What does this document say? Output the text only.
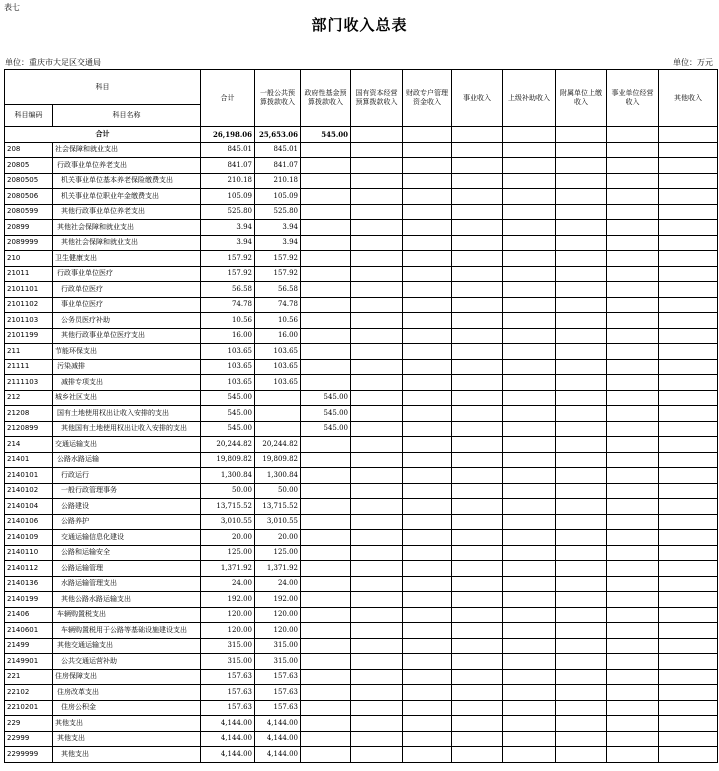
表七
部门收入总表
单位：重庆市大足区交通局	单位：万元
科目		合计	一般公共预算拨款收入	政府性基金预算拨款收入	国有资本经营预算拨款收入	财政专户管理资金收入	事业收入	上级补助收入	附属单位上缴收入	事业单位经营收入	其他收入
科目编码	科目名称										
合计		26,198.06	25,653.06	545.00							
208	社会保障和就业支出	845.01	845.01								
20805	行政事业单位养老支出	841.07	841.07								
2080505	机关事业单位基本养老保险缴费支出	210.18	210.18								
2080506	机关事业单位职业年金缴费支出	105.09	105.09								
2080599	其他行政事业单位养老支出	525.80	525.80								
20899	其他社会保障和就业支出	3.94	3.94								
2089999	其他社会保障和就业支出	3.94	3.94								
210	卫生健康支出	157.92	157.92								
21011	行政事业单位医疗	157.92	157.92								
2101101	行政单位医疗	56.58	56.58								
2101102	事业单位医疗	74.78	74.78								
2101103	公务员医疗补助	10.56	10.56								
2101199	其他行政事业单位医疗支出	16.00	16.00								
211	节能环保支出	103.65	103.65								
21111	污染减排	103.65	103.65								
2111103	减排专项支出	103.65	103.65								
212	城乡社区支出	545.00		545.00							
21208	国有土地使用权出让收入安排的支出	545.00		545.00							
2120899	其他国有土地使用权出让收入安排的支出	545.00		545.00							
214	交通运输支出	20,244.82	20,244.82								
21401	公路水路运输	19,809.82	19,809.82								
2140101	行政运行	1,300.84	1,300.84								
2140102	一般行政管理事务	50.00	50.00								
2140104	公路建设	13,715.52	13,715.52								
2140106	公路养护	3,010.55	3,010.55								
2140109	交通运输信息化建设	20.00	20.00								
2140110	公路和运输安全	125.00	125.00								
2140112	公路运输管理	1,371.92	1,371.92								
2140136	水路运输管理支出	24.00	24.00								
2140199	其他公路水路运输支出	192.00	192.00								
21406	车辆购置税支出	120.00	120.00								
2140601	车辆购置税用于公路等基础设施建设支出	120.00	120.00								
21499	其他交通运输支出	315.00	315.00								
2149901	公共交通运营补助	315.00	315.00								
221	住房保障支出	157.63	157.63								
22102	住房改革支出	157.63	157.63								
2210201	住房公积金	157.63	157.63								
229	其他支出	4,144.00	4,144.00								
22999	其他支出	4,144.00	4,144.00								
2299999	其他支出	4,144.00	4,144.00								
